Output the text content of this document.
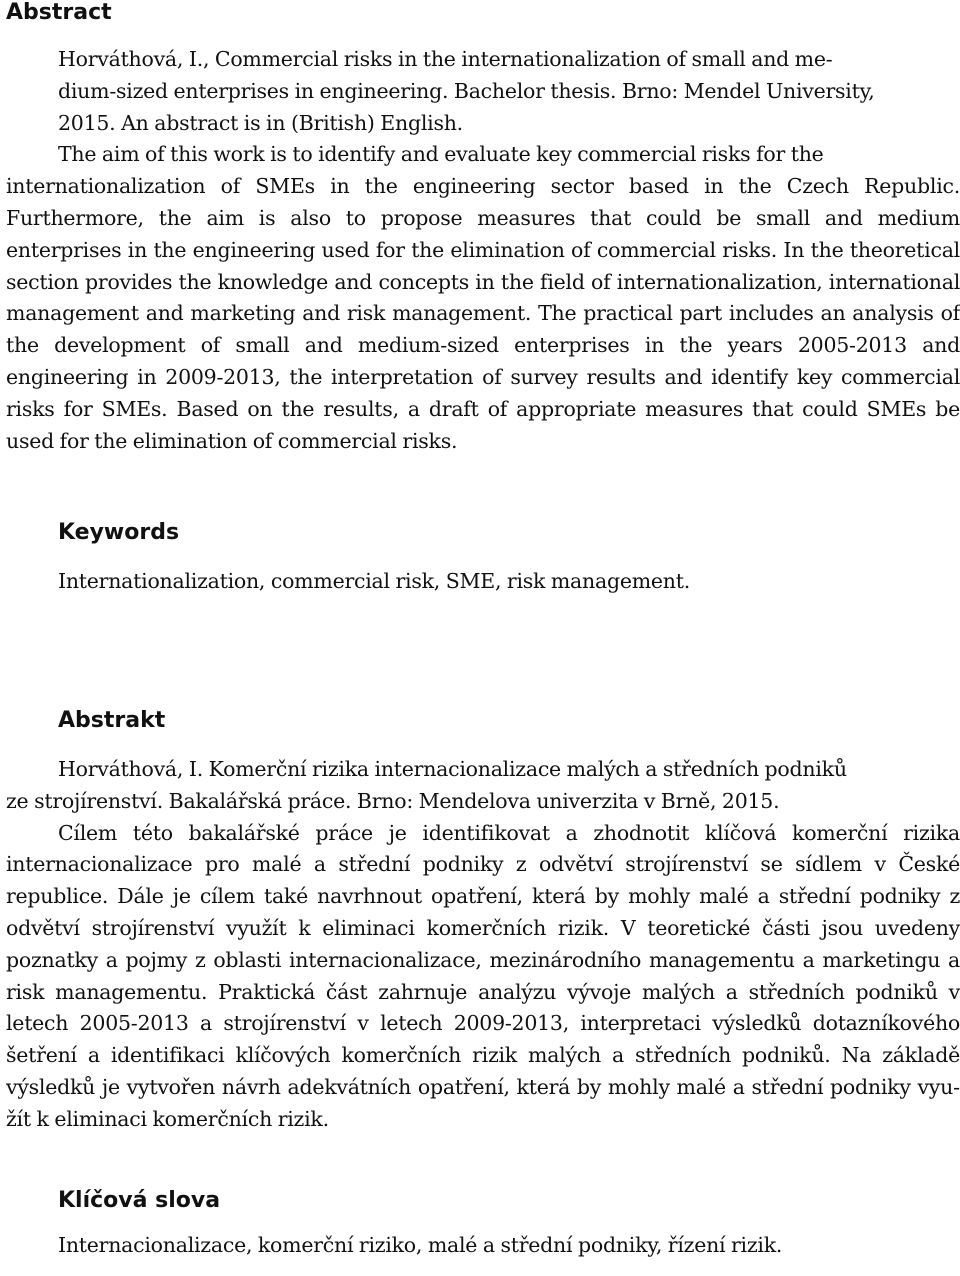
Abstract

Horváthová, I., Commercial risks in the internationalization of small and me-
dium-sized enterprises in engineering. Bachelor thesis. Brno: Mendel University,
2015. An abstract is in (British) English.

The aim of this work is to identify and evaluate key commercial risks for the
internationalization of SMEs in the engineering sector based in the Czech Republic. Furthermore, the aim is also to propose measures that could be small and medium enterprises in the engineering used for the elimination of commercial risks. In the theoretical section provides the knowledge and concepts in the field of internationalization, international management and marketing and risk management. The practical part includes an analysis of the development of small and medium-sized enterprises in the years 2005-2013 and engineering in 2009-2013, the interpretation of survey results and identify key commercial risks for SMEs. Based on the results, a draft of appropriate measures that could SMEs be used for the elimination of commercial risks.

Keywords

Internationalization, commercial risk, SME, risk management.

Abstrakt

Horváthová, I. Komerční rizika internacionalizace malých a středních podniků
ze strojírenství. Bakalářská práce. Brno: Mendelova univerzita v Brně, 2015.

Cílem této bakalářské práce je identifikovat a zhodnotit klíčová komerční rizika internacionalizace pro malé a střední podniky z odvětví strojírenství se sídlem v České republice. Dále je cílem také navrhnout opatření, která by mohly malé a střední podniky z odvětví strojírenství využít k eliminaci komerčních rizik. V teoretické části jsou uvedeny poznatky a pojmy z oblasti internacionalizace, mezinárodního managementu a marketingu a risk managementu. Praktická část zahrnuje analýzu vývoje malých a středních podniků v letech 2005-2013 a strojírenství v letech 2009-2013, interpretaci výsledků dotazníkového šetření a identifikaci klíčových komerčních rizik malých a středních podniků. Na základě výsledků je vytvořen návrh adekvátních opatření, která by mohly malé a střední podniky využít k eliminaci komerčních rizik.

Klíčová slova

Internacionalizace, komerční riziko, malé a střední podniky, řízení rizik.
